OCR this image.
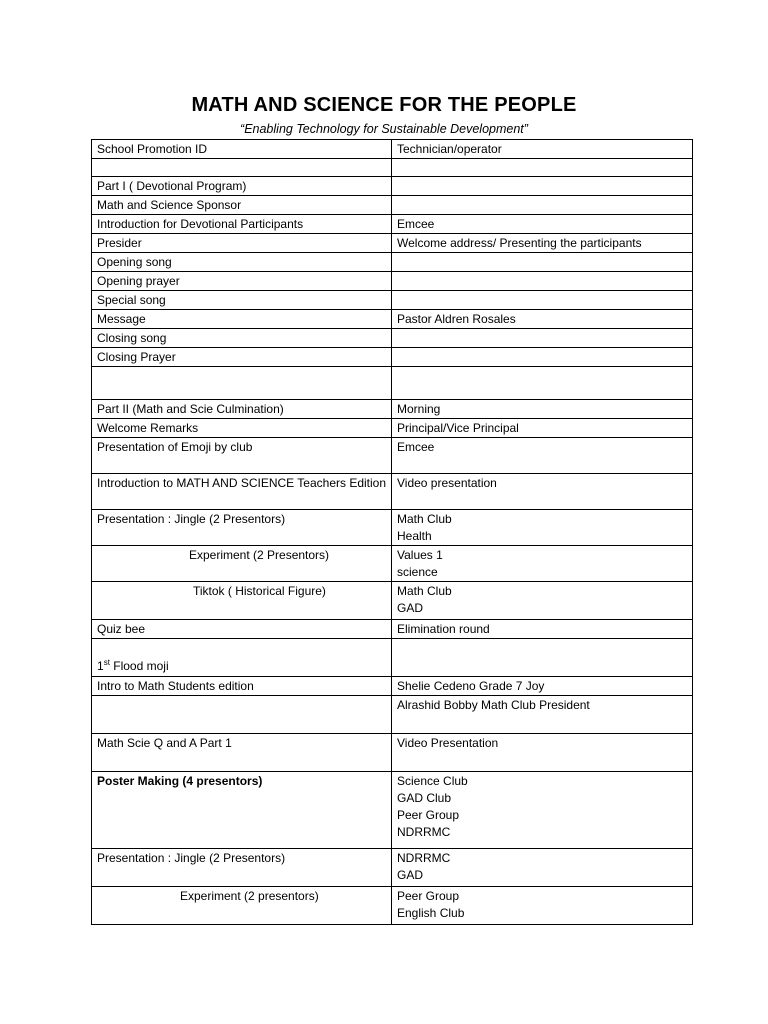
MATH AND SCIENCE FOR THE PEOPLE
“Enabling Technology for Sustainable Development”
School Promotion ID	Technician/operator

Part I ( Devotional Program)	
Math and Science Sponsor	
Introduction for Devotional Participants	Emcee
Presider	Welcome address/ Presenting the participants
Opening song	
Opening prayer	
Special song	
Message	Pastor Aldren Rosales
Closing song	
Closing Prayer	

Part II (Math and Scie Culmination)	Morning
Welcome Remarks	Principal/Vice Principal
Presentation of Emoji by club	Emcee
Introduction to MATH AND SCIENCE Teachers Edition	Video presentation
Presentation : Jingle (2 Presentors)	Math Club
Health

Experiment (2 Presentors)	Values 1
science

Tiktok ( Historical Figure)	Math Club
GAD

Quiz bee	Elimination round

1st Flood moji	

Intro to Math Students edition	Shelie Cedeno Grade 7 Joy
	Alrashid Bobby Math Club President
Math Scie Q and A Part 1	Video Presentation
Poster Making (4 presentors)	Science Club
GAD Club
Peer Group
NDRRMC

Presentation : Jingle (2 Presentors)	NDRRMC
GAD

Experiment (2 presentors)	Peer Group
English Club
